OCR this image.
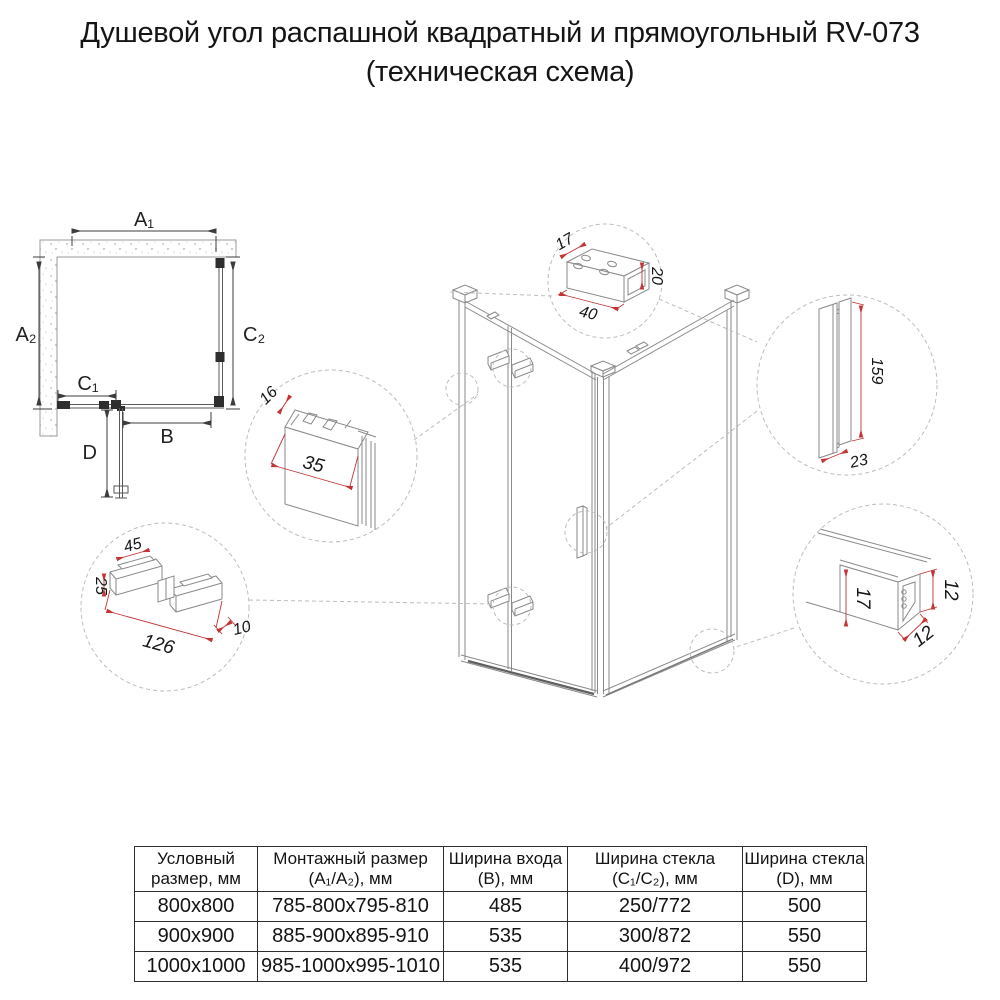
Душевой угол распашной квадратный и прямоугольный RV-073
(техническая схема)
A₁
A₂	C₂
C₁
B
D
17
40
20
16
35
45
25
126
10
159
23
17	12
12
Условный размер, мм	Монтажный размер (A₁/A₂), мм	Ширина входа (B), мм	Ширина стекла (C₁/C₂), мм	Ширина стекла (D), мм
800x800	785-800x795-810	485	250/772	500
900x900	885-900x895-910	535	300/872	550
1000x1000	985-1000x995-1010	535	400/972	550
